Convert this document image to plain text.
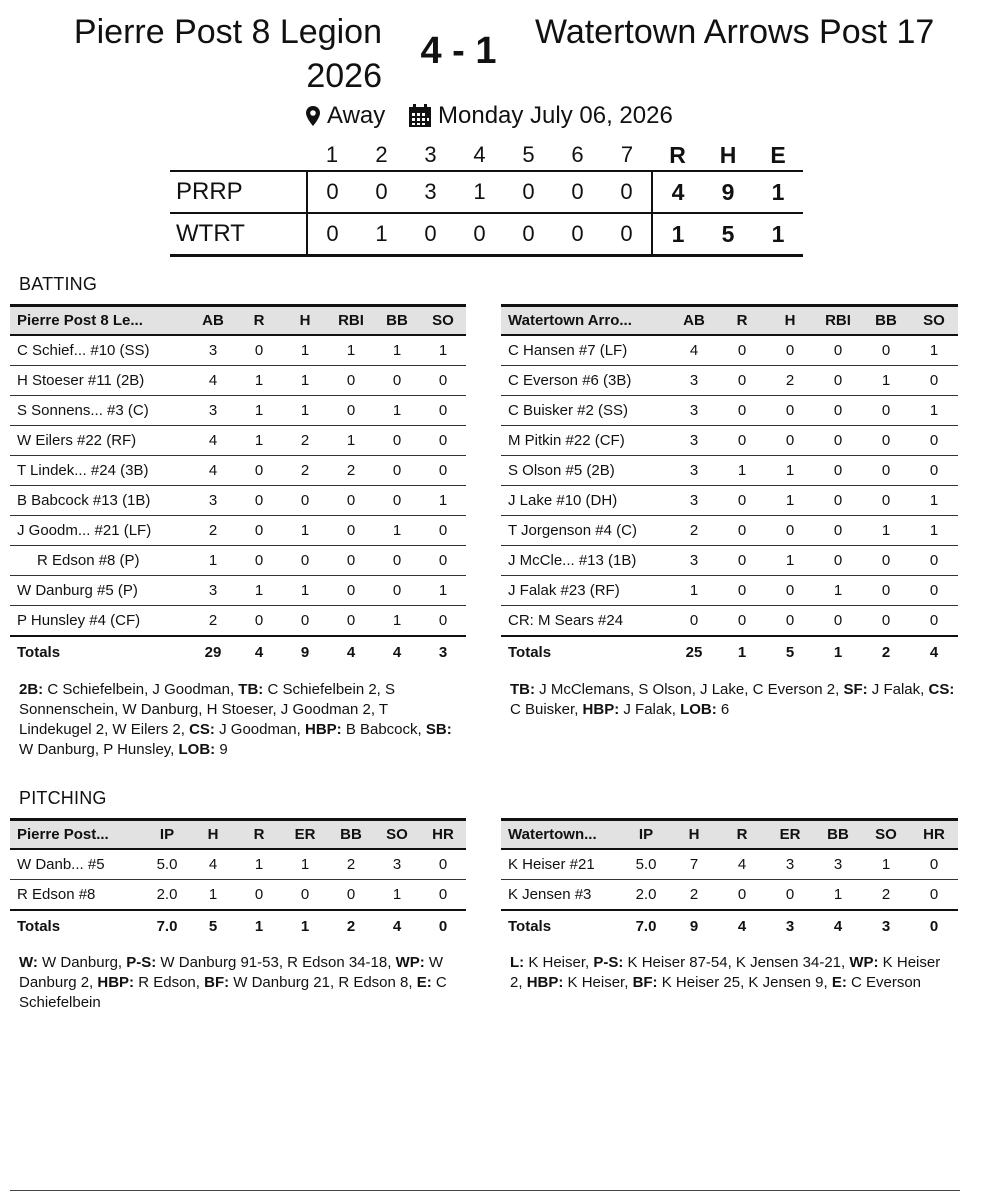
Pierre Post 8 Legion 2026
4 - 1	Watertown Arrows Post 17
Away Monday July 06, 2026
	1	2	3	4	5	6	7	R	H	E
PRRP	0	0	3	1	0	0	0	4	9	1
WTRT	0	1	0	0	0	0	0	1	5	1
BATTING
Pierre Post 8 Le...	AB	R	H	RBI	BB	SO
C Schief... #10 (SS)	3	0	1	1	1	1
H Stoeser #11 (2B)	4	1	1	0	0	0
S Sonnens... #3 (C)	3	1	1	0	1	0
W Eilers #22 (RF)	4	1	2	1	0	0
T Lindek... #24 (3B)	4	0	2	2	0	0
B Babcock #13 (1B)	3	0	0	0	0	1
J Goodm... #21 (LF)	2	0	1	0	1	0
R Edson #8 (P)	1	0	0	0	0	0
W Danburg #5 (P)	3	1	1	0	0	1
P Hunsley #4 (CF)	2	0	0	0	1	0
Totals	29	4	9	4	4	3
Watertown Arro...	AB	R	H	RBI	BB	SO
C Hansen #7 (LF)	4	0	0	0	0	1
C Everson #6 (3B)	3	0	2	0	1	0
C Buisker #2 (SS)	3	0	0	0	0	1
M Pitkin #22 (CF)	3	0	0	0	0	0
S Olson #5 (2B)	3	1	1	0	0	0
J Lake #10 (DH)	3	0	1	0	0	1
T Jorgenson #4 (C)	2	0	0	0	1	1
J McCle... #13 (1B)	3	0	1	0	0	0
J Falak #23 (RF)	1	0	0	1	0	0
CR: M Sears #24	0	0	0	0	0	0
Totals	25	1	5	1	2	4
2B: C Schiefelbein, J Goodman, TB: C Schiefelbein 2, S Sonnenschein, W Danburg, H Stoeser, J Goodman 2, T Lindekugel 2, W Eilers 2, CS: J Goodman, HBP: B Babcock, SB: W Danburg, P Hunsley, LOB: 9
TB: J McClemans, S Olson, J Lake, C Everson 2, SF: J Falak, CS: C Buisker, HBP: J Falak, LOB: 6
PITCHING
Pierre Post...	IP	H	R	ER	BB	SO	HR
W Danb... #5	5.0	4	1	1	2	3	0
R Edson #8	2.0	1	0	0	0	1	0
Totals	7.0	5	1	1	2	4	0
Watertown...	IP	H	R	ER	BB	SO	HR
K Heiser #21	5.0	7	4	3	3	1	0
K Jensen #3	2.0	2	0	0	1	2	0
Totals	7.0	9	4	3	4	3	0
W: W Danburg, P-S: W Danburg 91-53, R Edson 34-18, WP: W Danburg 2, HBP: R Edson, BF: W Danburg 21, R Edson 8, E: C Schiefelbein
L: K Heiser, P-S: K Heiser 87-54, K Jensen 34-21, WP: K Heiser 2, HBP: K Heiser, BF: K Heiser 25, K Jensen 9, E: C Everson
